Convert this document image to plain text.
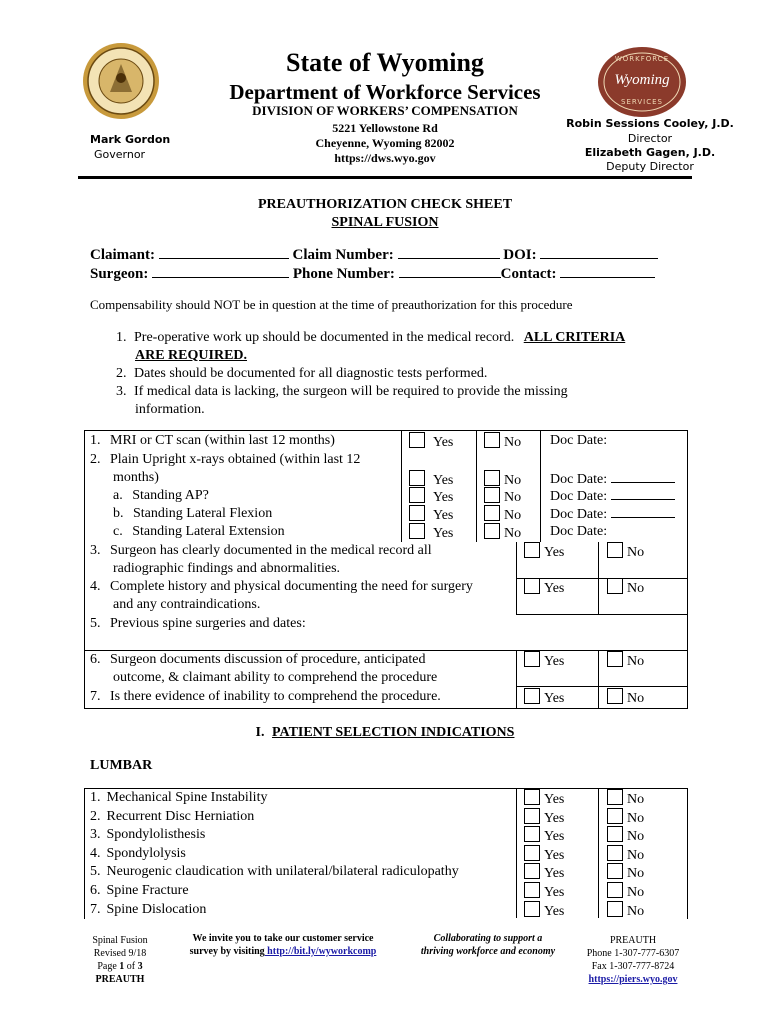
State of Wyoming
Department of Workforce Services
DIVISION OF WORKERS’ COMPENSATION
5221 Yellowstone Rd
Cheyenne, Wyoming 82002
https://dws.wyo.gov
Mark Gordon
Governor
WORKFORCE
Wyoming
SERVICES
Robin Sessions Cooley, J.D.
Director
Elizabeth Gagen, J.D.
Deputy Director
PREAUTHORIZATION CHECK SHEET
SPINAL FUSION
Claimant:	Claim Number:	DOI:
Surgeon:	Phone Number:	Contact:
Compensability should NOT be in question at the time of preauthorization for this procedure
1. Pre-operative work up should be documented in the medical record. ALL CRITERIA
ARE REQUIRED.
2. Dates should be documented for all diagnostic tests performed.
3. If medical data is lacking, the surgeon will be required to provide the missing
information.
1. MRI or CT scan (within last 12 months)	Yes	No Doc Date:
2. Plain Upright x-rays obtained (within last 12
months)	Yes	No Doc Date:
a. Standing AP?	Yes	No Doc Date:
b. Standing Lateral Flexion	Yes	No Doc Date:
c. Standing Lateral Extension	Yes	No Doc Date:
3. Surgeon has clearly documented in the medical record all
radiographic findings and abnormalities.
Yes	No
4. Complete history and physical documenting the need for surgery
and any contraindications.
Yes	No
5. Previous spine surgeries and dates:
6. Surgeon documents discussion of procedure, anticipated
outcome, & claimant ability to comprehend the procedure
Yes	No
7. Is there evidence of inability to comprehend the procedure.	Yes	No
I. PATIENT SELECTION INDICATIONS
LUMBAR
1. Mechanical Spine Instability	Yes	No
2. Recurrent Disc Herniation	Yes	No
3. Spondylolisthesis	Yes	No
4. Spondylolysis	Yes	No
5. Neurogenic claudication with unilateral/bilateral radiculopathy	Yes	No
6. Spine Fracture	Yes	No
7. Spine Dislocation	Yes	No
Spinal Fusion
Revised 9/18
Page 1 of 3
PREAUTH
We invite you to take our customer service
survey by visiting http://bit.ly/wyworkcomp
Collaborating to support a
thriving workforce and economy
PREAUTH
Phone 1-307-777-6307
Fax 1-307-777-8724
https://piers.wyo.gov
